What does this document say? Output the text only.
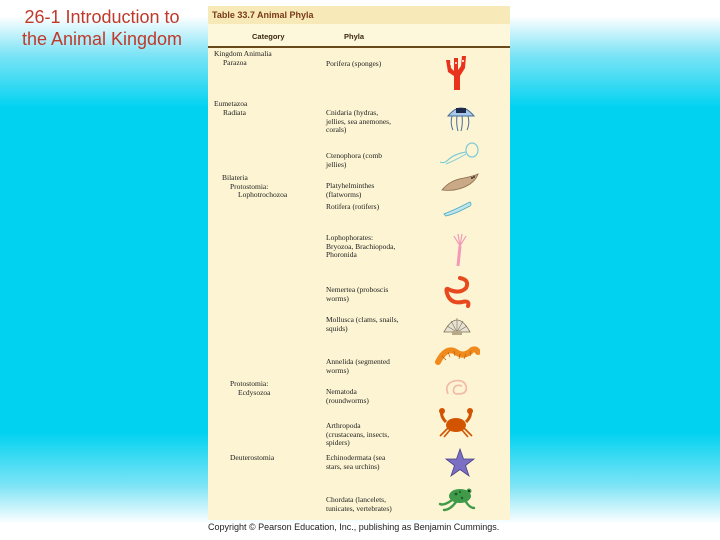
26-1 Introduction to
the Animal Kingdom
Table 33.7 Animal Phyla
Category	Phyla
Kingdom Animalia
Parazoa
Eumetazoa
Radiata
Bilateria
Protostomia:
Lophotrochozoa
Protostomia:
Ecdysozoa
Deuterostomia
Porifera (sponges)
Cnidaria (hydras,
jellies, sea anemones,
corals)
Ctenophora (comb
jellies)
Platyhelminthes
(flatworms)
Rotifera (rotifers)
Lophophorates:
Bryozoa, Brachiopoda,
Phoronida
Nemertea (proboscis
worms)
Mollusca (clams, snails,
squids)
Annelida (segmented
worms)
Nematoda
(roundworms)
Arthropoda
(crustaceans, insects,
spiders)
Echinodermata (sea
stars, sea urchins)
Chordata (lancelets,
tunicates, vertebrates)
Copyright © Pearson Education, Inc., publishing as Benjamin Cummings.
